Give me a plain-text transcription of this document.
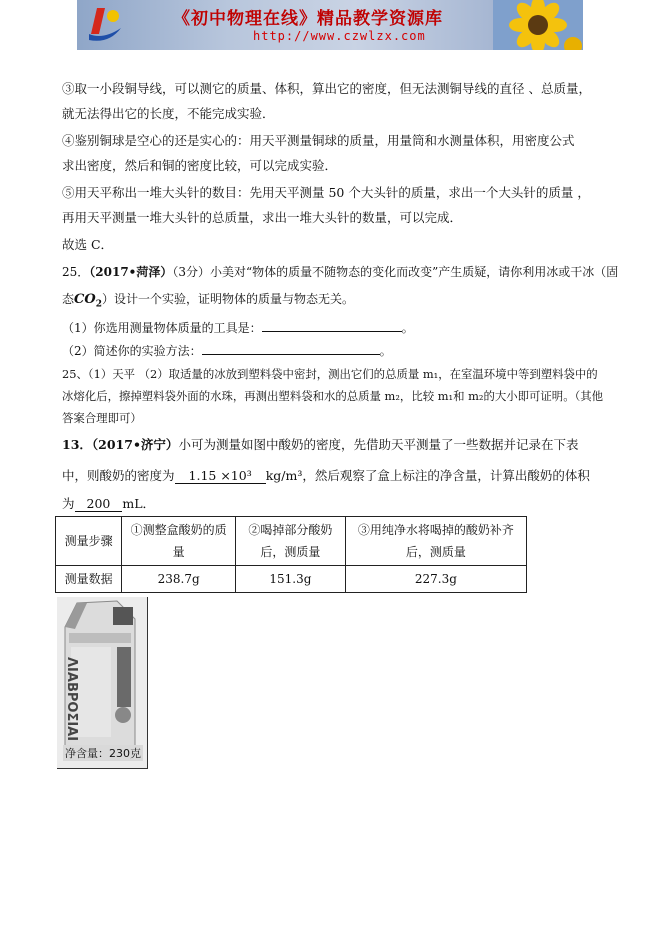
《初中物理在线》精品教学资源库
http://www.czwlzx.com
③取一小段铜导线，可以测它的质量、体积，算出它的密度，但无法测铜导线的直径 、总质量，
就无法得出它的长度，不能完成实验．
④鉴别铜球是空心的还是实心的：用天平测量铜球的质量，用量筒和水测量体积，用密度公式
求出密度，然后和铜的密度比较，可以完成实验．
⑤用天平称出一堆大头针的数目：先用天平测量 50 个大头针的质量，求出一个大头针的质量 ，
再用天平测量一堆大头针的总质量，求出一堆大头针的数量，可以完成．
故选 C．
25．（2017•菏泽）（3分）小美对“物体的质量不随物态的变化而改变”产生质疑，请你利用冰或干冰（固
态$CO_2$）设计一个实验，证明物体的质量与物态无关。
（1）你选用测量物体质量的工具是：	。
（2）简述你的实验方法：	。
25、（1）天平 （2）取适量的冰放到塑料袋中密封，测出它们的总质量 m₁，在室温环境中等到塑料袋中的
冰熔化后，擦掉塑料袋外面的水珠，再测出塑料袋和水的总质量 m₂，比较 m₁和 m₂的大小即可证明。（其他
答案合理即可）
13．（2017•济宁）小可为测量如图中酸奶的密度，先借助天平测量了一些数据并记录在下表
中，则酸奶的密度为 1.15 ×10³ kg/m³，然后观察了盒上标注的净含量，计算出酸奶的体积
为 200 mL．
测量步骤	①测整盒酸奶的质量	②喝掉部分酸奶后，测质量	③用纯净水将喝掉的酸奶补齐后，测质量
测量数据	238.7g	151.3g	227.3g
ΛΙΑΒΡΟΣΙΑΙ
净含量：230克
